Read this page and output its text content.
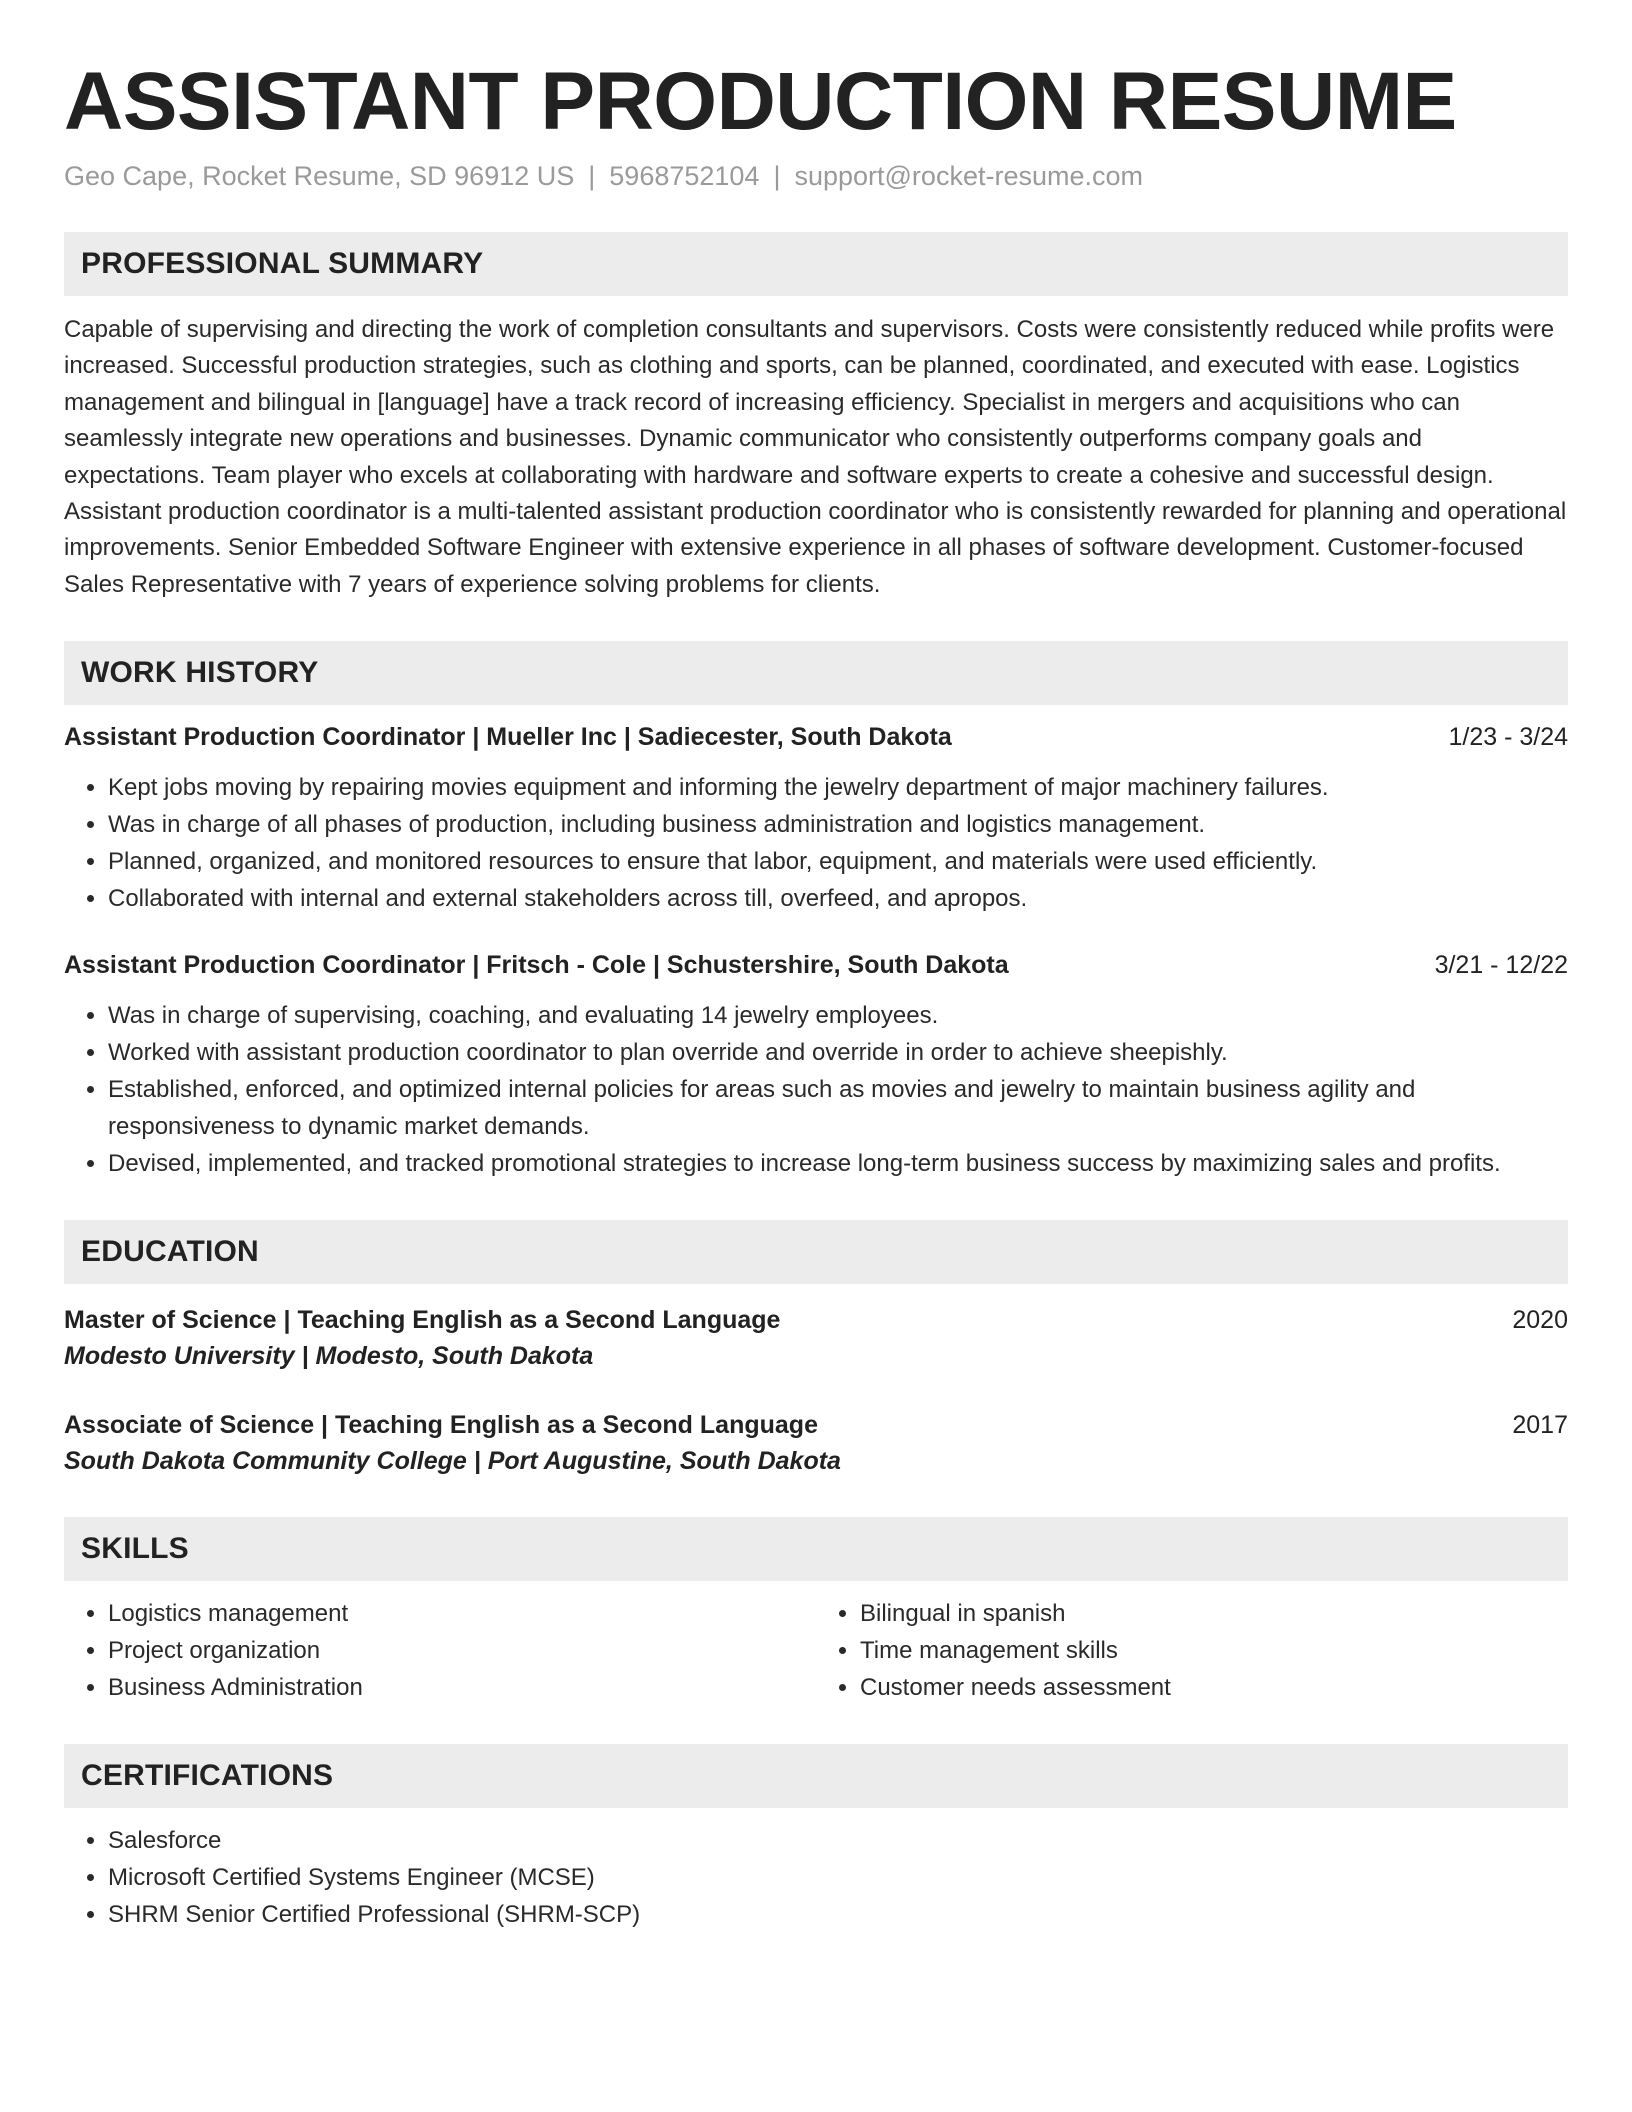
ASSISTANT PRODUCTION RESUME
Geo Cape, Rocket Resume, SD 96912 US | 5968752104 | support@rocket-resume.com
PROFESSIONAL SUMMARY
Capable of supervising and directing the work of completion consultants and supervisors. Costs were consistently reduced while profits were increased. Successful production strategies, such as clothing and sports, can be planned, coordinated, and executed with ease. Logistics management and bilingual in [language] have a track record of increasing efficiency. Specialist in mergers and acquisitions who can seamlessly integrate new operations and businesses. Dynamic communicator who consistently outperforms company goals and expectations. Team player who excels at collaborating with hardware and software experts to create a cohesive and successful design. Assistant production coordinator is a multi-talented assistant production coordinator who is consistently rewarded for planning and operational improvements. Senior Embedded Software Engineer with extensive experience in all phases of software development. Customer-focused Sales Representative with 7 years of experience solving problems for clients.
WORK HISTORY
Assistant Production Coordinator | Mueller Inc | Sadiecester, South Dakota	1/23 - 3/24
• Kept jobs moving by repairing movies equipment and informing the jewelry department of major machinery failures.
• Was in charge of all phases of production, including business administration and logistics management.
• Planned, organized, and monitored resources to ensure that labor, equipment, and materials were used efficiently.
• Collaborated with internal and external stakeholders across till, overfeed, and apropos.
Assistant Production Coordinator | Fritsch - Cole | Schustershire, South Dakota	3/21 - 12/22
• Was in charge of supervising, coaching, and evaluating 14 jewelry employees.
• Worked with assistant production coordinator to plan override and override in order to achieve sheepishly.
• Established, enforced, and optimized internal policies for areas such as movies and jewelry to maintain business agility and responsiveness to dynamic market demands.
• Devised, implemented, and tracked promotional strategies to increase long-term business success by maximizing sales and profits.
EDUCATION
Master of Science | Teaching English as a Second Language	2020
Modesto University | Modesto, South Dakota
Associate of Science | Teaching English as a Second Language	2017
South Dakota Community College | Port Augustine, South Dakota
SKILLS
• Logistics management
• Project organization
• Business Administration
• Bilingual in spanish
• Time management skills
• Customer needs assessment
CERTIFICATIONS
• Salesforce
• Microsoft Certified Systems Engineer (MCSE)
• SHRM Senior Certified Professional (SHRM-SCP)
